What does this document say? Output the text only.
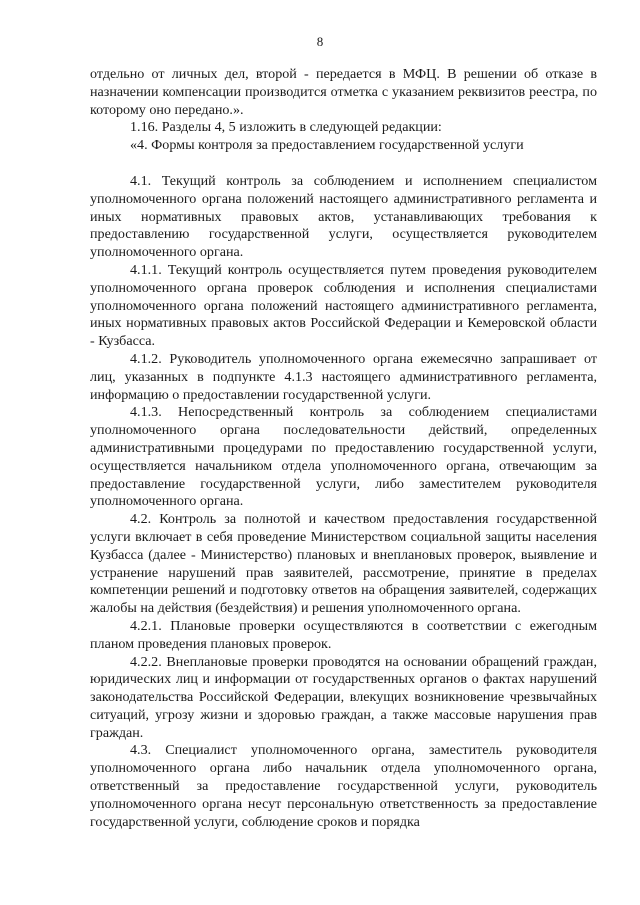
8

отдельно от личных дел, второй - передается в МФЦ. В решении об отказе в назначении компенсации производится отметка с указанием реквизитов реестра, по которому оно передано.».

1.16. Разделы 4, 5 изложить в следующей редакции:

«4. Формы контроля за предоставлением государственной услуги

4.1. Текущий контроль за соблюдением и исполнением специалистом уполномоченного органа положений настоящего административного регламента и иных нормативных правовых актов, устанавливающих требования к предоставлению государственной услуги, осуществляется руководителем уполномоченного органа.

4.1.1. Текущий контроль осуществляется путем проведения руководителем уполномоченного органа проверок соблюдения и исполнения специалистами уполномоченного органа положений настоящего административного регламента, иных нормативных правовых актов Российской Федерации и Кемеровской области - Кузбасса.

4.1.2. Руководитель уполномоченного органа ежемесячно запрашивает от лиц, указанных в подпункте 4.1.3 настоящего административного регламента, информацию о предоставлении государственной услуги.

4.1.3. Непосредственный контроль за соблюдением специалистами уполномоченного органа последовательности действий, определенных административными процедурами по предоставлению государственной услуги, осуществляется начальником отдела уполномоченного органа, отвечающим за предоставление государственной услуги, либо заместителем руководителя уполномоченного органа.

4.2. Контроль за полнотой и качеством предоставления государственной услуги включает в себя проведение Министерством социальной защиты населения Кузбасса (далее - Министерство) плановых и внеплановых проверок, выявление и устранение нарушений прав заявителей, рассмотрение, принятие в пределах компетенции решений и подготовку ответов на обращения заявителей, содержащих жалобы на действия (бездействия) и решения уполномоченного органа.

4.2.1. Плановые проверки осуществляются в соответствии с ежегодным планом проведения плановых проверок.

4.2.2. Внеплановые проверки проводятся на основании обращений граждан, юридических лиц и информации от государственных органов о фактах нарушений законодательства Российской Федерации, влекущих возникновение чрезвычайных ситуаций, угрозу жизни и здоровью граждан, а также массовые нарушения прав граждан.

4.3. Специалист уполномоченного органа, заместитель руководителя уполномоченного органа либо начальник отдела уполномоченного органа, ответственный за предоставление государственной услуги, руководитель уполномоченного органа несут персональную ответственность за предоставление государственной услуги, соблюдение сроков и порядка
